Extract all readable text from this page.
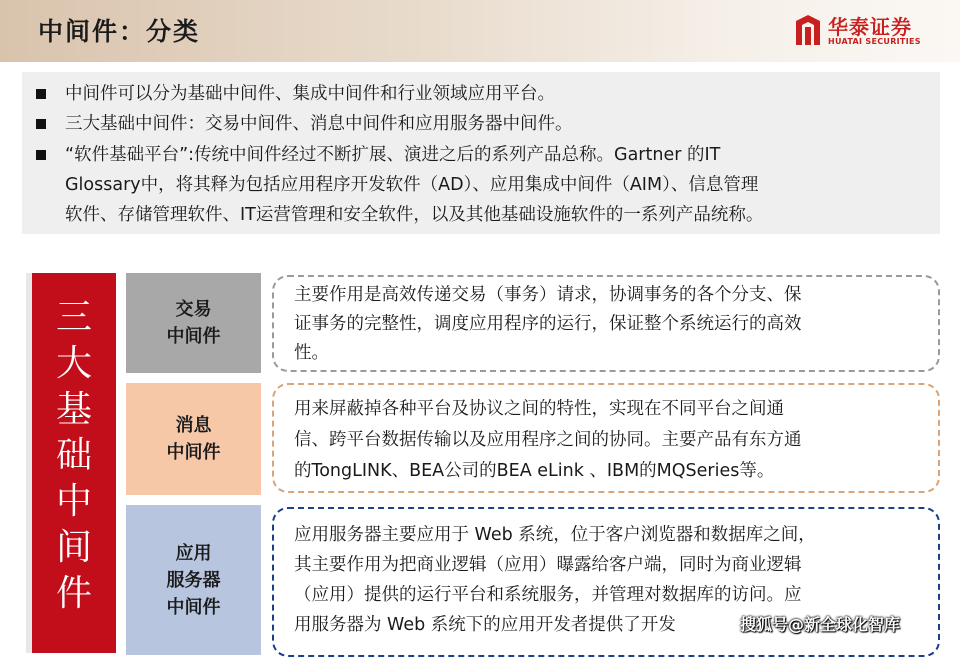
中间件：分类	华泰证券
HUATAI SECURITIES
中间件可以分为基础中间件、集成中间件和行业领域应用平台。
三大基础中间件：交易中间件、消息中间件和应用服务器中间件。
“软件基础平台”:传统中间件经过不断扩展、演进之后的系列产品总称。Gartner 的IT
Glossary中，将其释为包括应用程序开发软件（AD）、应用集成中间件（AIM）、信息管理
软件、存储管理软件、IT运营管理和安全软件，以及其他基础设施软件的一系列产品统称。
三
大
基
础
中
间
件
交易
中间件
消息
中间件
应用
服务器
中间件
主要作用是高效传递交易（事务）请求，协调事务的各个分支、保
证事务的完整性，调度应用程序的运行，保证整个系统运行的高效
性。
用来屏蔽掉各种平台及协议之间的特性，实现在不同平台之间通
信、跨平台数据传输以及应用程序之间的协同。主要产品有东方通
的TongLINK、BEA公司的BEA eLink 、IBM的MQSeries等。
应用服务器主要应用于 Web 系统，位于客户浏览器和数据库之间，
其主要作用为把商业逻辑（应用）曝露给客户端，同时为商业逻辑
（应用）提供的运行平台和系统服务，并管理对数据库的访问。应
用服务器为 Web 系统下的应用开发者提供了开发	搜狐号@新全球化智库
